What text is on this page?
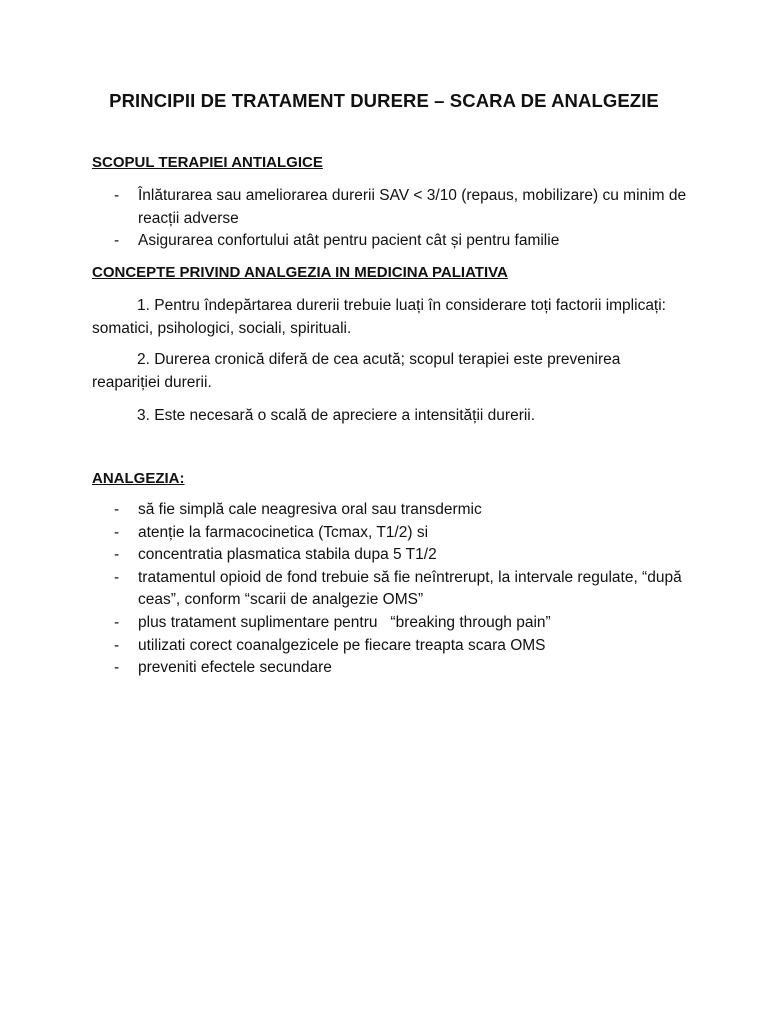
PRINCIPII DE TRATAMENT DURERE – SCARA DE ANALGEZIE
SCOPUL TERAPIEI ANTIALGICE
- Înlăturarea sau ameliorarea durerii SAV < 3/10 (repaus, mobilizare) cu minim de reacții adverse
- Asigurarea confortului atât pentru pacient cât și pentru familie
CONCEPTE PRIVIND ANALGEZIA IN MEDICINA PALIATIVA

1. Pentru îndepărtarea durerii trebuie luați în considerare toți factorii implicați: somatici, psihologici, sociali, spirituali.

2. Durerea cronică diferă de cea acută; scopul terapiei este prevenirea reapariției durerii.

3. Este necesară o scală de apreciere a intensității durerii.

ANALGEZIA:
- să fie simplă cale neagresiva oral sau transdermic
- atenție la farmacocinetica (Tcmax, T1/2) si
- concentratia plasmatica stabila dupa 5 T1/2
- tratamentul opioid de fond trebuie să fie neîntrerupt, la intervale regulate, “după ceas”, conform “scarii de analgezie OMS”
- plus tratament suplimentare pentru   “breaking through pain”
- utilizati corect coanalgezicele pe fiecare treapta scara OMS
- preveniti efectele secundare
